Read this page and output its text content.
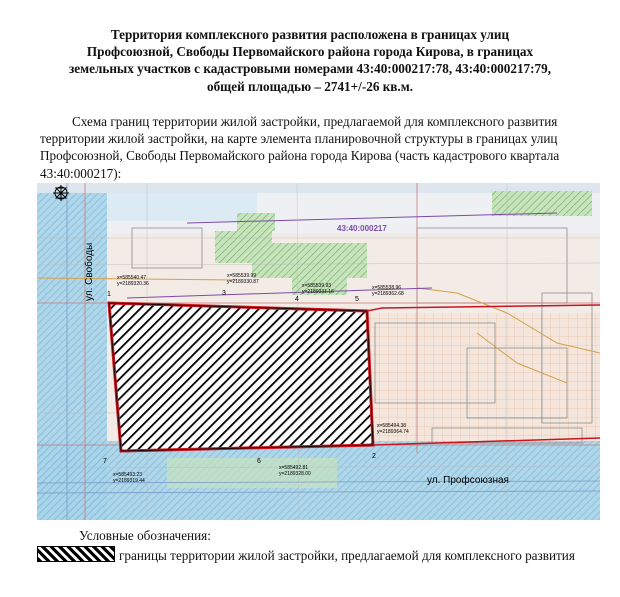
Территория комплексного развития расположена в границах улиц
Профсоюзной, Свободы Первомайского района города Кирова, в границах
земельных участков с кадастровыми номерами 43:40:000217:78, 43:40:000217:79,
общей площадью – 2741+/-26 кв.м.
Схема границ территории жилой застройки, предлагаемой для комплексного развития территории жилой застройки, на карте элемента планировочной структуры в границах улиц Профсоюзной, Свободы Первомайского района города Кирова (часть кадастрового квартала 43:40:000217):
43:40:000217
ул. Свободы
ул. Профсоюзная
1
x=585540.47 y=2189320.36
3
x=585539.99 y=2189330.87
4
x=585539.93 y=2189331.16
5
x=585538.96 y=2189362.68
2
x=585494.38 y=2189364.74
6
x=585492.81 y=2189328.00
7
x=585493.23 y=2189319.44
Условные обозначения:
границы территории жилой застройки, предлагаемой для комплексного развития
